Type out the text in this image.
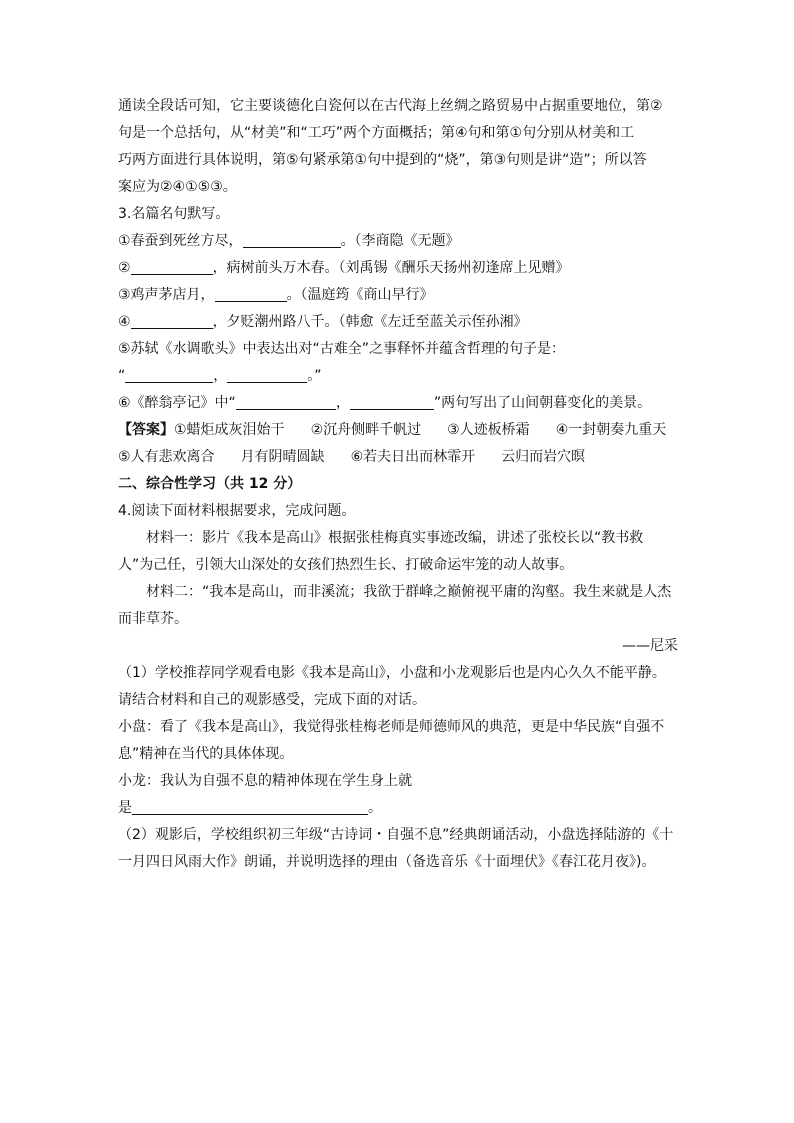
通读全段话可知，它主要谈德化白瓷何以在古代海上丝绸之路贸易中占据重要地位，第②
句是一个总括句，从“材美”和“工巧”两个方面概括；第④句和第①句分别从材美和工
巧两方面进行具体说明，第⑤句紧承第①句中提到的“烧”，第③句则是讲“造”；所以答
案应为②④①⑤③。
3.名篇名句默写。
①春蚕到死丝方尽，	。（李商隐《无题》
②	，病树前头万木春。（刘禹锡《酬乐天扬州初逢席上见赠》
③鸡声茅店月，	。（温庭筠《商山早行》
④	，夕贬潮州路八千。（韩愈《左迁至蓝关示侄孙湘》
⑤苏轼《水调歌头》中表达出对“古难全”之事释怀并蕴含哲理的句子是：
“	，	。”
⑥《醉翁亭记》中“	，	”两句写出了山间朝暮变化的美景。
【答案】①蜡炬成灰泪始干 ②沉舟侧畔千帆过 ③人迹板桥霜 ④一封朝奏九重天
⑤人有悲欢离合 月有阴晴圆缺 ⑥若夫日出而林霏开 云归而岩穴暝
二、综合性学习（共 12 分）
4.阅读下面材料根据要求，完成问题。
材料一：影片《我本是高山》根据张桂梅真实事迹改编，讲述了张校长以“教书救人”为己任，引领大山深处的女孩们热烈生长、打破命运牢笼的动人故事。
材料二：“我本是高山，而非溪流；我欲于群峰之巅俯视平庸的沟壑。我生来就是人杰而非草芥。
——尼采
（1）学校推荐同学观看电影《我本是高山》，小盘和小龙观影后也是内心久久不能平静。请结合材料和自己的观影感受，完成下面的对话。
小盘：看了《我本是高山》，我觉得张桂梅老师是师德师风的典范，更是中华民族“自强不息”精神在当代的具体体现。
小龙：我认为自强不息的精神体现在学生身上就
是	。
（2）观影后，学校组织初三年级“古诗词・自强不息”经典朗诵活动，小盘选择陆游的《十一月四日风雨大作》朗诵，并说明选择的理由（备选音乐《十面埋伏》《春江花月夜》)。
